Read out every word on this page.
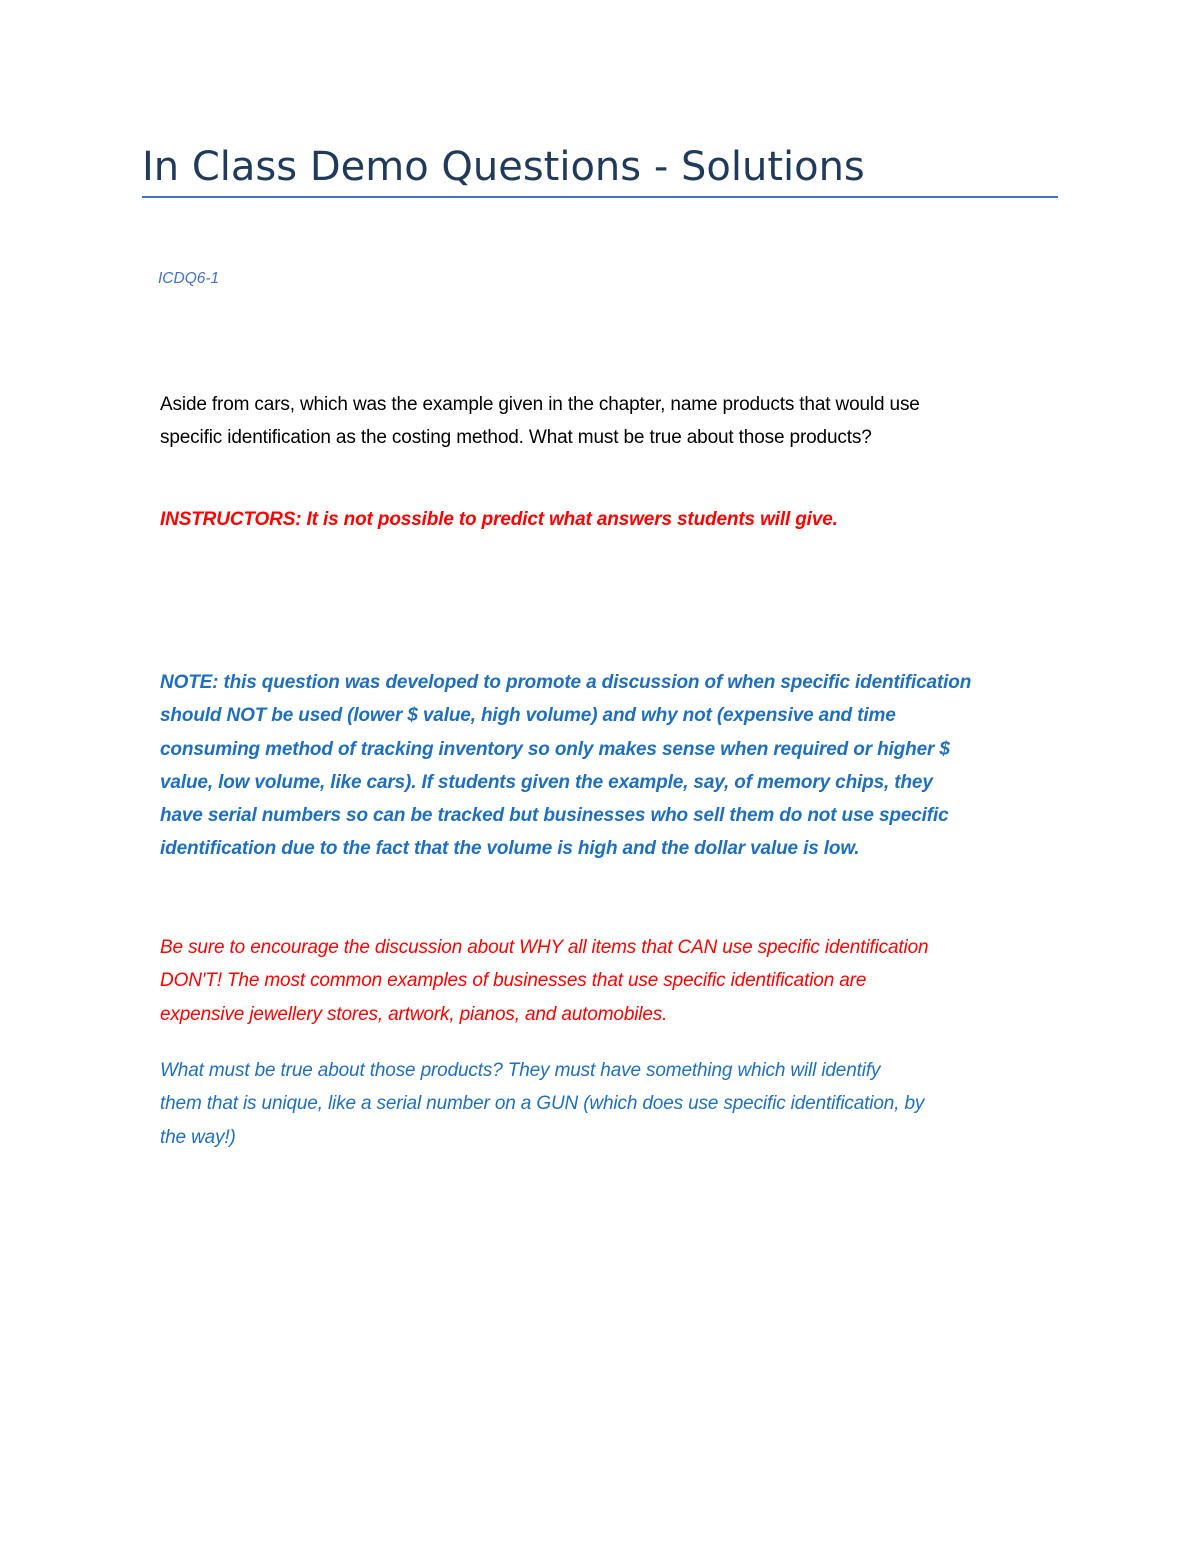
In Class Demo Questions - Solutions
ICDQ6-1

Aside from cars, which was the example given in the chapter, name products that would use
specific identification as the costing method. What must be true about those products?

INSTRUCTORS: It is not possible to predict what answers students will give.

NOTE: this question was developed to promote a discussion of when specific identification
should NOT be used (lower $ value, high volume) and why not (expensive and time
consuming method of tracking inventory so only makes sense when required or higher $
value, low volume, like cars). If students given the example, say, of memory chips, they
have serial numbers so can be tracked but businesses who sell them do not use specific
identification due to the fact that the volume is high and the dollar value is low.

Be sure to encourage the discussion about WHY all items that CAN use specific identification
DON'T! The most common examples of businesses that use specific identification are
expensive jewellery stores, artwork, pianos, and automobiles.

What must be true about those products? They must have something which will identify
them that is unique, like a serial number on a GUN (which does use specific identification, by
the way!)
